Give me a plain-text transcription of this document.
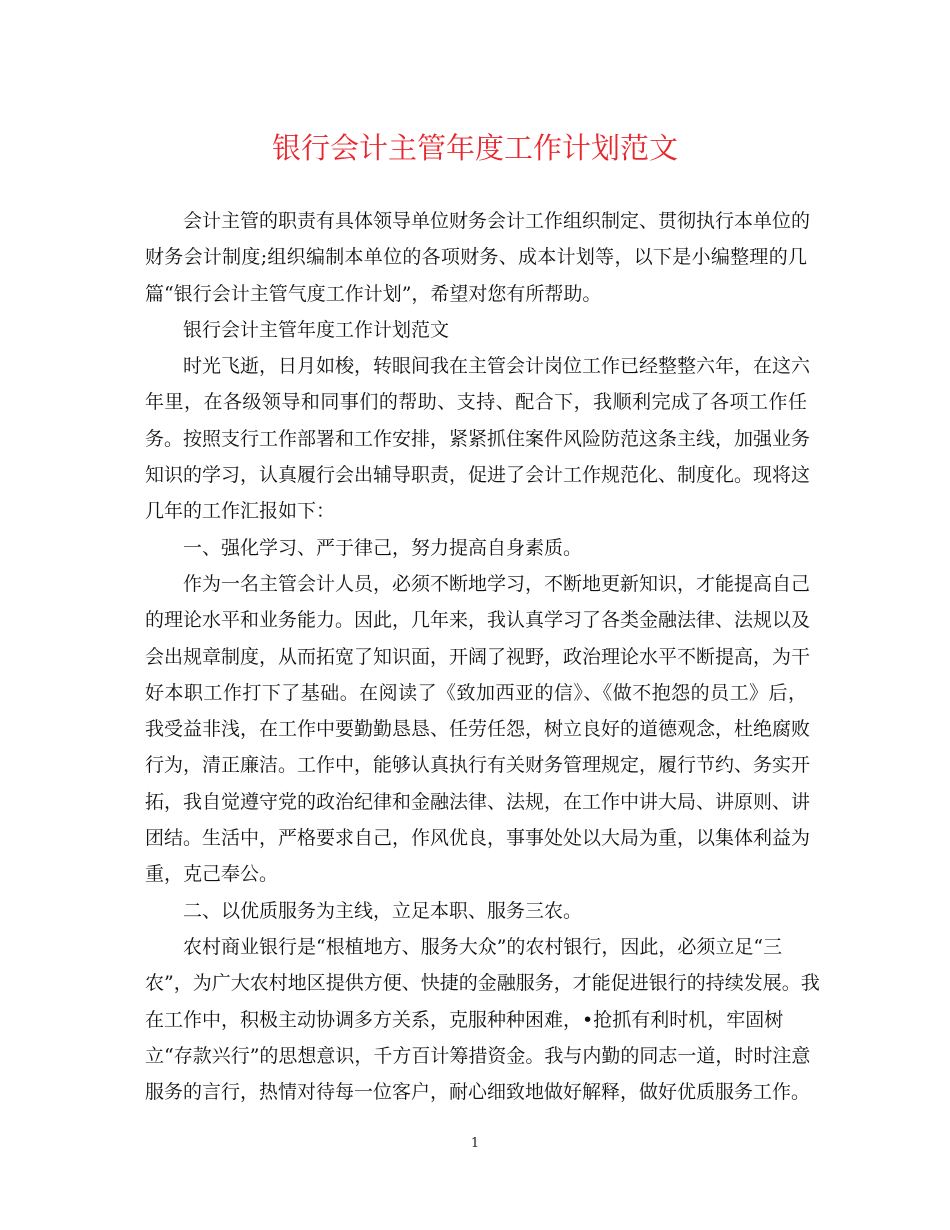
银行会计主管年度工作计划范文
会计主管的职责有具体领导单位财务会计工作组织制定、贯彻执行本单位的
财务会计制度;组织编制本单位的各项财务、成本计划等，以下是小编整理的几
篇“银行会计主管气度工作计划”，希望对您有所帮助。
银行会计主管年度工作计划范文
时光飞逝，日月如梭，转眼间我在主管会计岗位工作已经整整六年，在这六
年里，在各级领导和同事们的帮助、支持、配合下，我顺利完成了各项工作任
务。按照支行工作部署和工作安排，紧紧抓住案件风险防范这条主线，加强业务
知识的学习，认真履行会出辅导职责，促进了会计工作规范化、制度化。现将这
几年的工作汇报如下：
一、强化学习、严于律己，努力提高自身素质。
作为一名主管会计人员，必须不断地学习，不断地更新知识，才能提高自己
的理论水平和业务能力。因此，几年来，我认真学习了各类金融法律、法规以及
会出规章制度，从而拓宽了知识面，开阔了视野，政治理论水平不断提高，为干
好本职工作打下了基础。在阅读了《致加西亚的信》、《做不抱怨的员工》后，
我受益非浅，在工作中要勤勤恳恳、任劳任怨，树立良好的道德观念，杜绝腐败
行为，清正廉洁。工作中，能够认真执行有关财务管理规定，履行节约、务实开
拓，我自觉遵守党的政治纪律和金融法律、法规，在工作中讲大局、讲原则、讲
团结。生活中，严格要求自己，作风优良，事事处处以大局为重，以集体利益为
重，克己奉公。
二、以优质服务为主线，立足本职、服务三农。
农村商业银行是“根植地方、服务大众”的农村银行，因此，必须立足“三
农”，为广大农村地区提供方便、快捷的金融服务，才能促进银行的持续发展。我
在工作中，积极主动协调多方关系，克服种种困难，•抢抓有利时机，牢固树
立“存款兴行”的思想意识，千方百计筹措资金。我与内勤的同志一道，时时注意
服务的言行，热情对待每一位客户，耐心细致地做好解释，做好优质服务工作。
1
